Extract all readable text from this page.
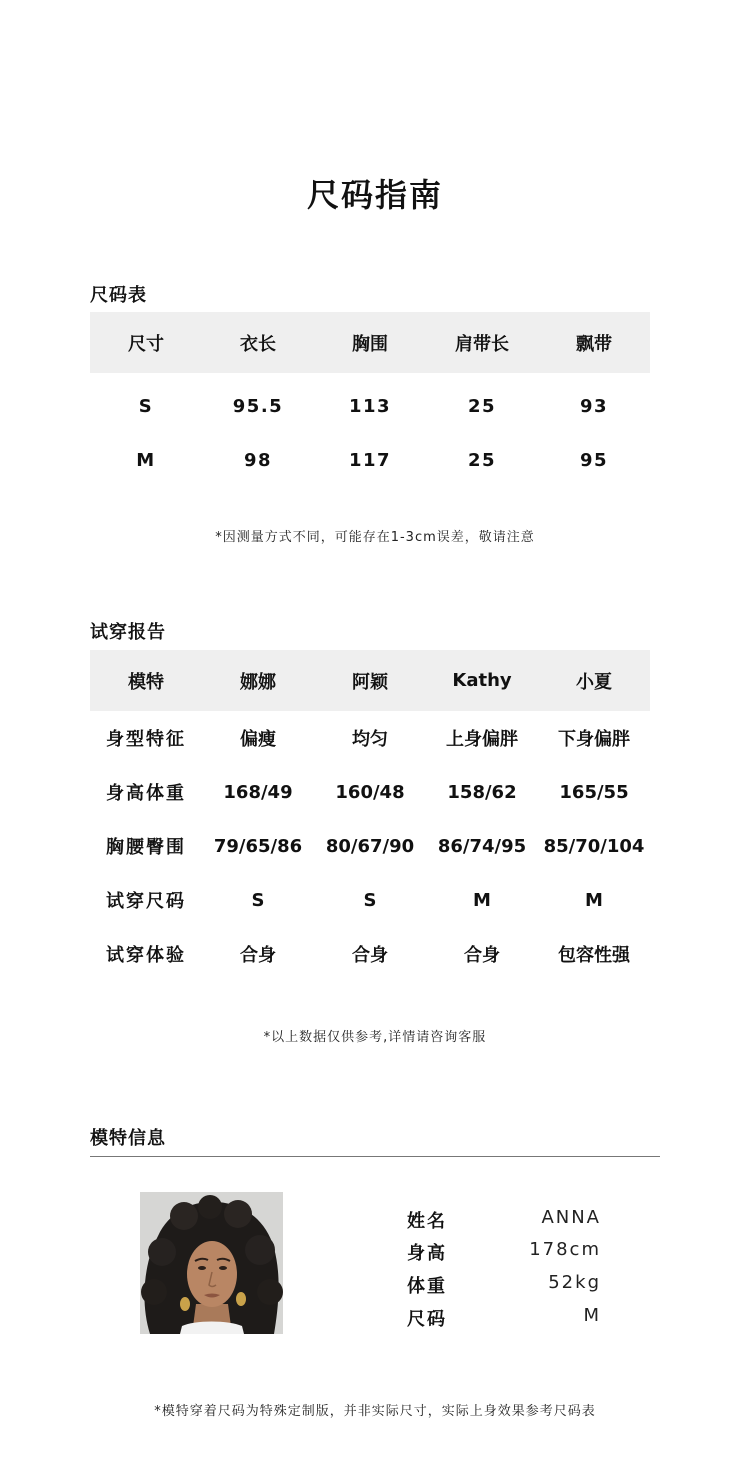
尺码指南
尺码表
尺寸	衣长	胸围	肩带长	飘带
S	95.5	113	25	93
M	98	117	25	95
*因测量方式不同，可能存在1-3cm误差，敬请注意
试穿报告
模特	娜娜	阿颖	Kathy	小夏
身型特征	偏瘦	均匀	上身偏胖	下身偏胖
身高体重	168/49	160/48	158/62	165/55
胸腰臀围	79/65/86	80/67/90	86/74/95	85/70/104
试穿尺码	S	S	M	M
试穿体验	合身	合身	合身	包容性强
*以上数据仅供参考,详情请咨询客服
模特信息
姓名	ANNA
身高	178cm
体重	52kg
尺码	M
*模特穿着尺码为特殊定制版，并非实际尺寸，实际上身效果参考尺码表
